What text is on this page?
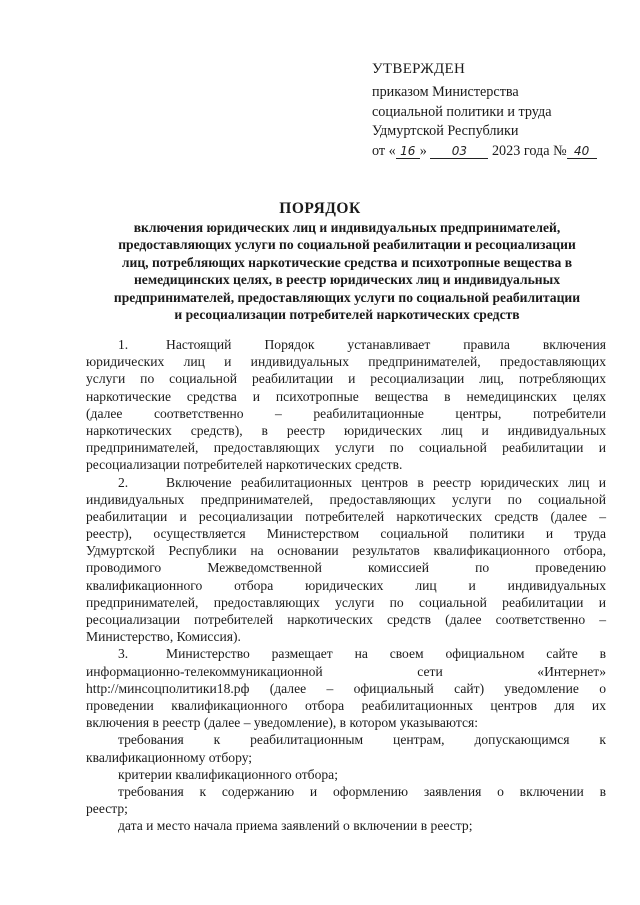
УТВЕРЖДЕН
приказом Министерства
социальной политики и труда
Удмуртской Республики
от « 16 » 03 2023 года № 40
ПОРЯДОК
включения юридических лиц и индивидуальных предпринимателей,
предоставляющих услуги по социальной реабилитации и ресоциализации
лиц, потребляющих наркотические средства и психотропные вещества в
немедицинских целях, в реестр юридических лиц и индивидуальных
предпринимателей, предоставляющих услуги по социальной реабилитации
и ресоциализации потребителей наркотических средств
1.	Настоящий Порядок устанавливает правила включения
юридических лиц и индивидуальных предпринимателей, предоставляющих
услуги по социальной реабилитации и ресоциализации лиц, потребляющих
наркотические средства и психотропные вещества в немедицинских целях
(далее соответственно – реабилитационные центры, потребители
наркотических средств), в реестр юридических лиц и индивидуальных
предпринимателей, предоставляющих услуги по социальной реабилитации и
ресоциализации потребителей наркотических средств.
2.	Включение реабилитационных центров в реестр юридических лиц и
индивидуальных предпринимателей, предоставляющих услуги по социальной
реабилитации и ресоциализации потребителей наркотических средств (далее –
реестр), осуществляется Министерством социальной политики и труда
Удмуртской Республики на основании результатов квалификационного отбора,
проводимого Межведомственной комиссией по проведению
квалификационного отбора юридических лиц и индивидуальных
предпринимателей, предоставляющих услуги по социальной реабилитации и
ресоциализации потребителей наркотических средств (далее соответственно –
Министерство, Комиссия).
3.	Министерство размещает на своем официальном сайте в
информационно-телекоммуникационной сети «Интернет»
http://минсоцполитики18.рф (далее – официальный сайт) уведомление о
проведении квалификационного отбора реабилитационных центров для их
включения в реестр (далее – уведомление), в котором указываются:
требования к реабилитационным центрам, допускающимся к
квалификационному отбору;
критерии квалификационного отбора;
требования к содержанию и оформлению заявления о включении в
реестр;
дата и место начала приема заявлений о включении в реестр;
